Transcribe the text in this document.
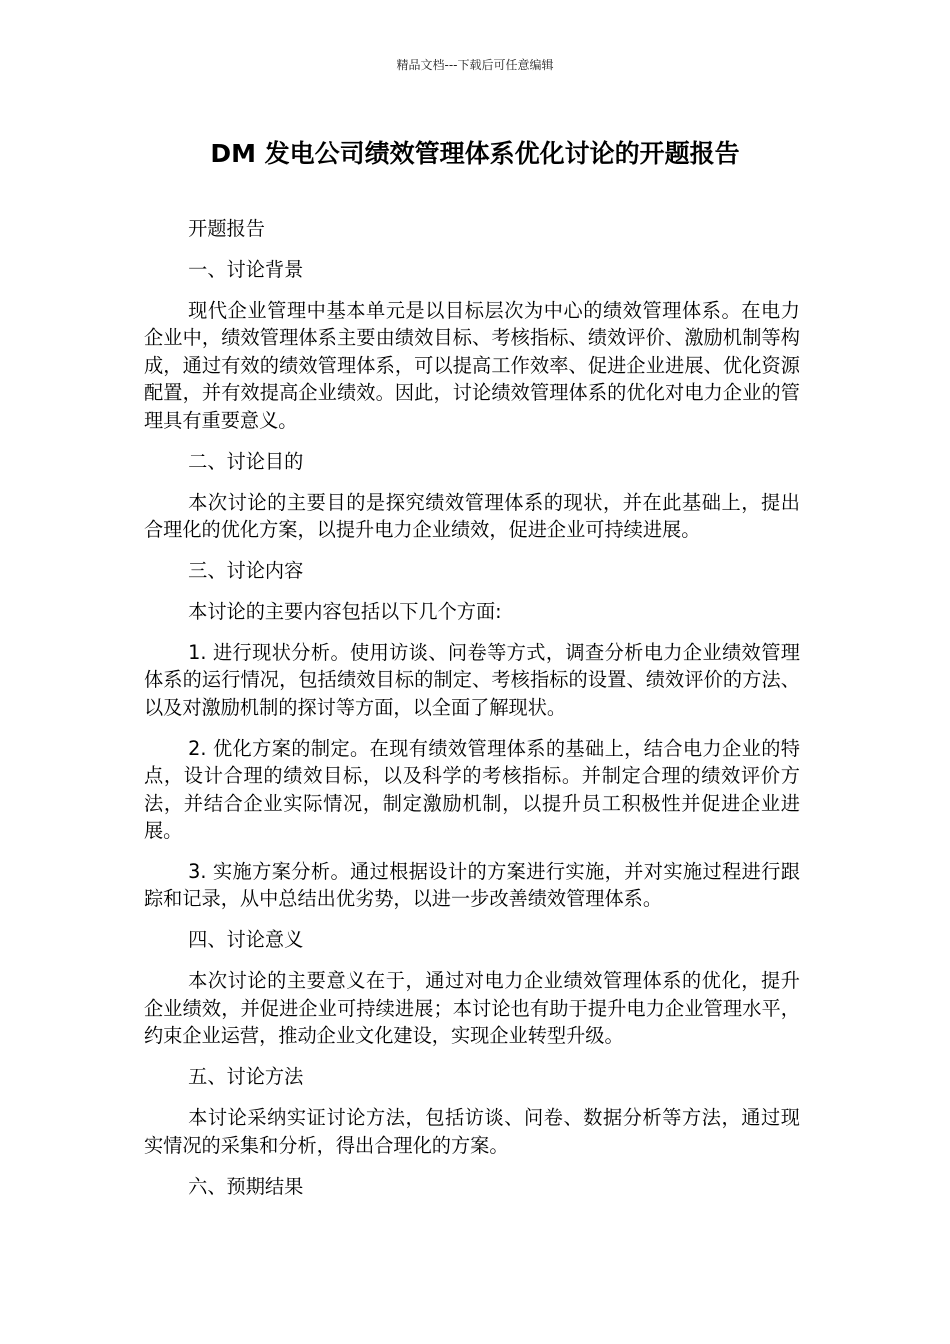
精品文档---下载后可任意编辑
DM 发电公司绩效管理体系优化讨论的开题报告

开题报告

一、讨论背景

现代企业管理中基本单元是以目标层次为中心的绩效管理体系。在电力企业中，绩效管理体系主要由绩效目标、考核指标、绩效评价、激励机制等构成，通过有效的绩效管理体系，可以提高工作效率、促进企业进展、优化资源配置，并有效提高企业绩效。因此，讨论绩效管理体系的优化对电力企业的管理具有重要意义。

二、讨论目的

本次讨论的主要目的是探究绩效管理体系的现状，并在此基础上，提出合理化的优化方案，以提升电力企业绩效，促进企业可持续进展。

三、讨论内容

本讨论的主要内容包括以下几个方面:

1. 进行现状分析。使用访谈、问卷等方式，调查分析电力企业绩效管理体系的运行情况，包括绩效目标的制定、考核指标的设置、绩效评价的方法、以及对激励机制的探讨等方面，以全面了解现状。

2. 优化方案的制定。在现有绩效管理体系的基础上，结合电力企业的特点，设计合理的绩效目标，以及科学的考核指标。并制定合理的绩效评价方法，并结合企业实际情况，制定激励机制，以提升员工积极性并促进企业进展。

3. 实施方案分析。通过根据设计的方案进行实施，并对实施过程进行跟踪和记录，从中总结出优劣势，以进一步改善绩效管理体系。

四、讨论意义

本次讨论的主要意义在于，通过对电力企业绩效管理体系的优化，提升企业绩效，并促进企业可持续进展；本讨论也有助于提升电力企业管理水平，约束企业运营，推动企业文化建设，实现企业转型升级。

五、讨论方法

本讨论采纳实证讨论方法，包括访谈、问卷、数据分析等方法，通过现实情况的采集和分析，得出合理化的方案。

六、预期结果
